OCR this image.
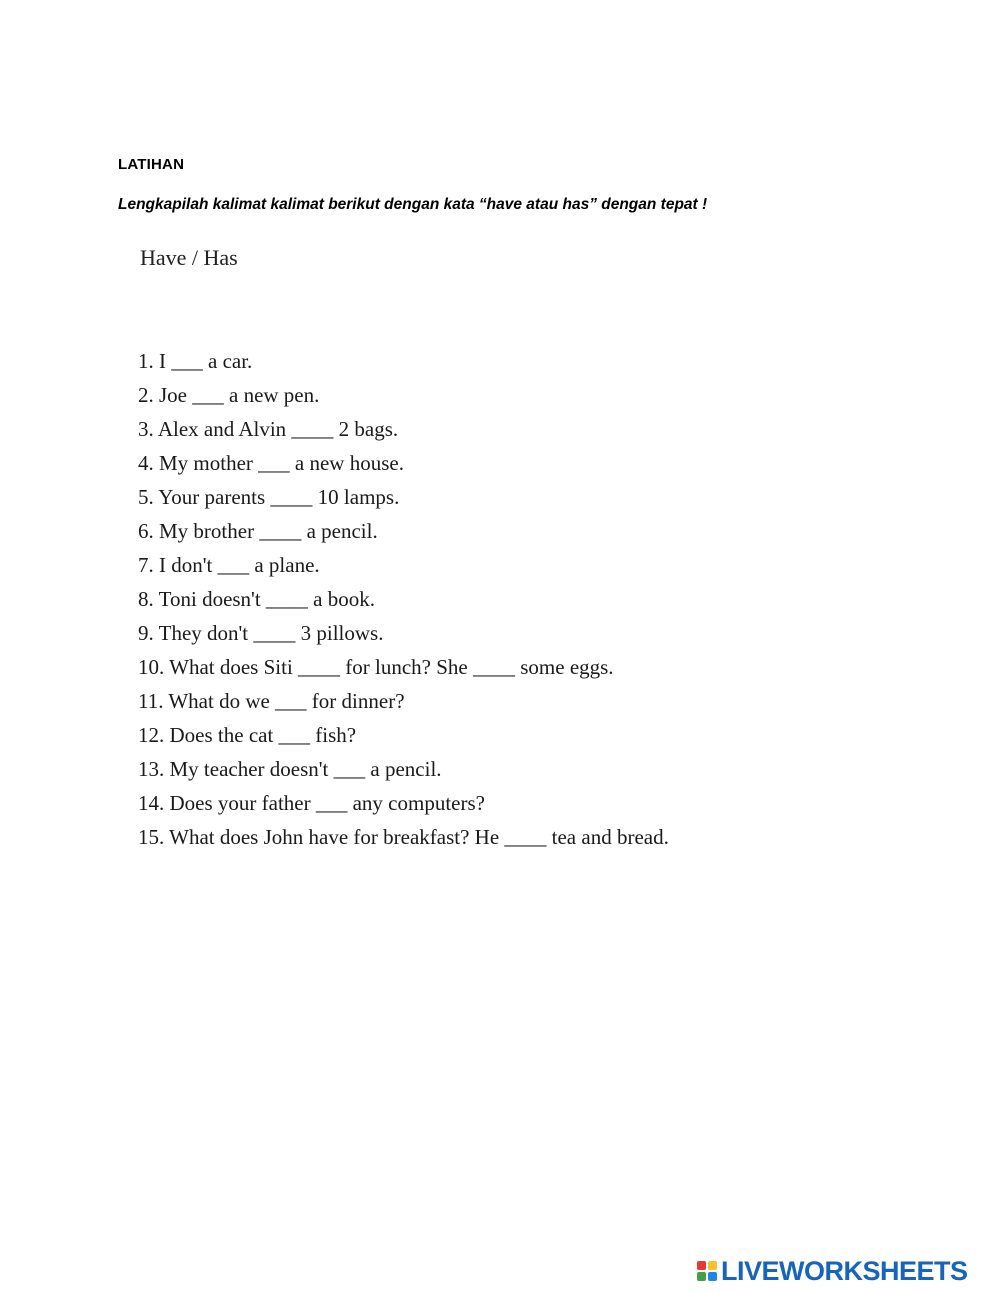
LATIHAN
Lengkapilah kalimat kalimat berikut dengan kata “have atau has” dengan tepat !
Have / Has
1. I ___ a car.
2. Joe ___ a new pen.
3. Alex and Alvin ____ 2 bags.
4. My mother ___ a new house.
5. Your parents ____ 10 lamps.
6. My brother ____ a pencil.
7. I don't ___ a plane.
8. Toni doesn't ____ a book.
9. They don't ____ 3 pillows.
10. What does Siti ____ for lunch? She ____ some eggs.
11. What do we ___ for dinner?
12. Does the cat ___ fish?
13. My teacher doesn't ___ a pencil.
14. Does your father ___ any computers?
15. What does John have for breakfast? He ____ tea and bread.
LIVEWORKSHEETS
